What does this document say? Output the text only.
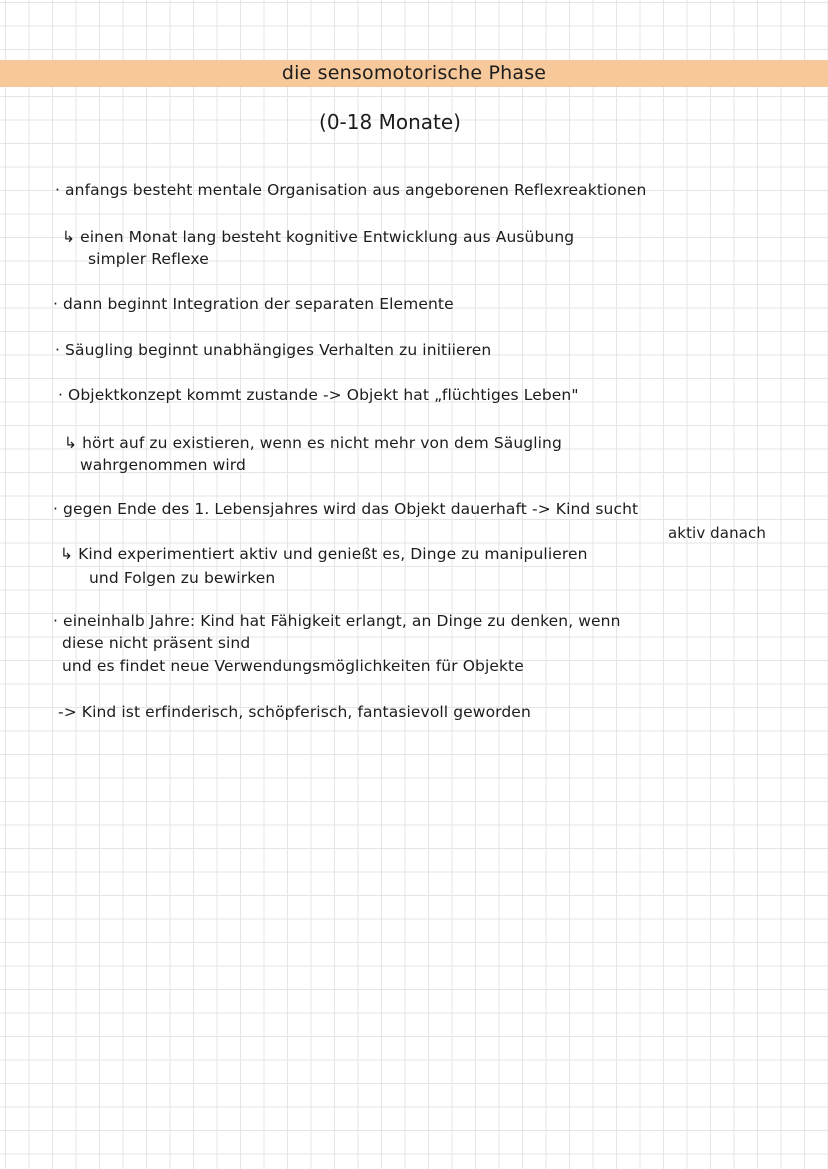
die sensomotorische Phase
(0-18 Monate)
· anfangs besteht mentale Organisation aus angeborenen Reflexreaktionen
↳ einen Monat lang besteht kognitive Entwicklung aus Ausübung
simpler Reflexe
· dann beginnt Integration der separaten Elemente
· Säugling beginnt unabhängiges Verhalten zu initiieren
· Objektkonzept kommt zustande -> Objekt hat „flüchtiges Leben"
↳ hört auf zu existieren, wenn es nicht mehr von dem Säugling
wahrgenommen wird
· gegen Ende des 1. Lebensjahres wird das Objekt dauerhaft -> Kind sucht
aktiv danach
↳ Kind experimentiert aktiv und genießt es, Dinge zu manipulieren
und Folgen zu bewirken
· eineinhalb Jahre: Kind hat Fähigkeit erlangt, an Dinge zu denken, wenn
diese nicht präsent sind
und es findet neue Verwendungsmöglichkeiten für Objekte
-> Kind ist erfinderisch, schöpferisch, fantasievoll geworden
